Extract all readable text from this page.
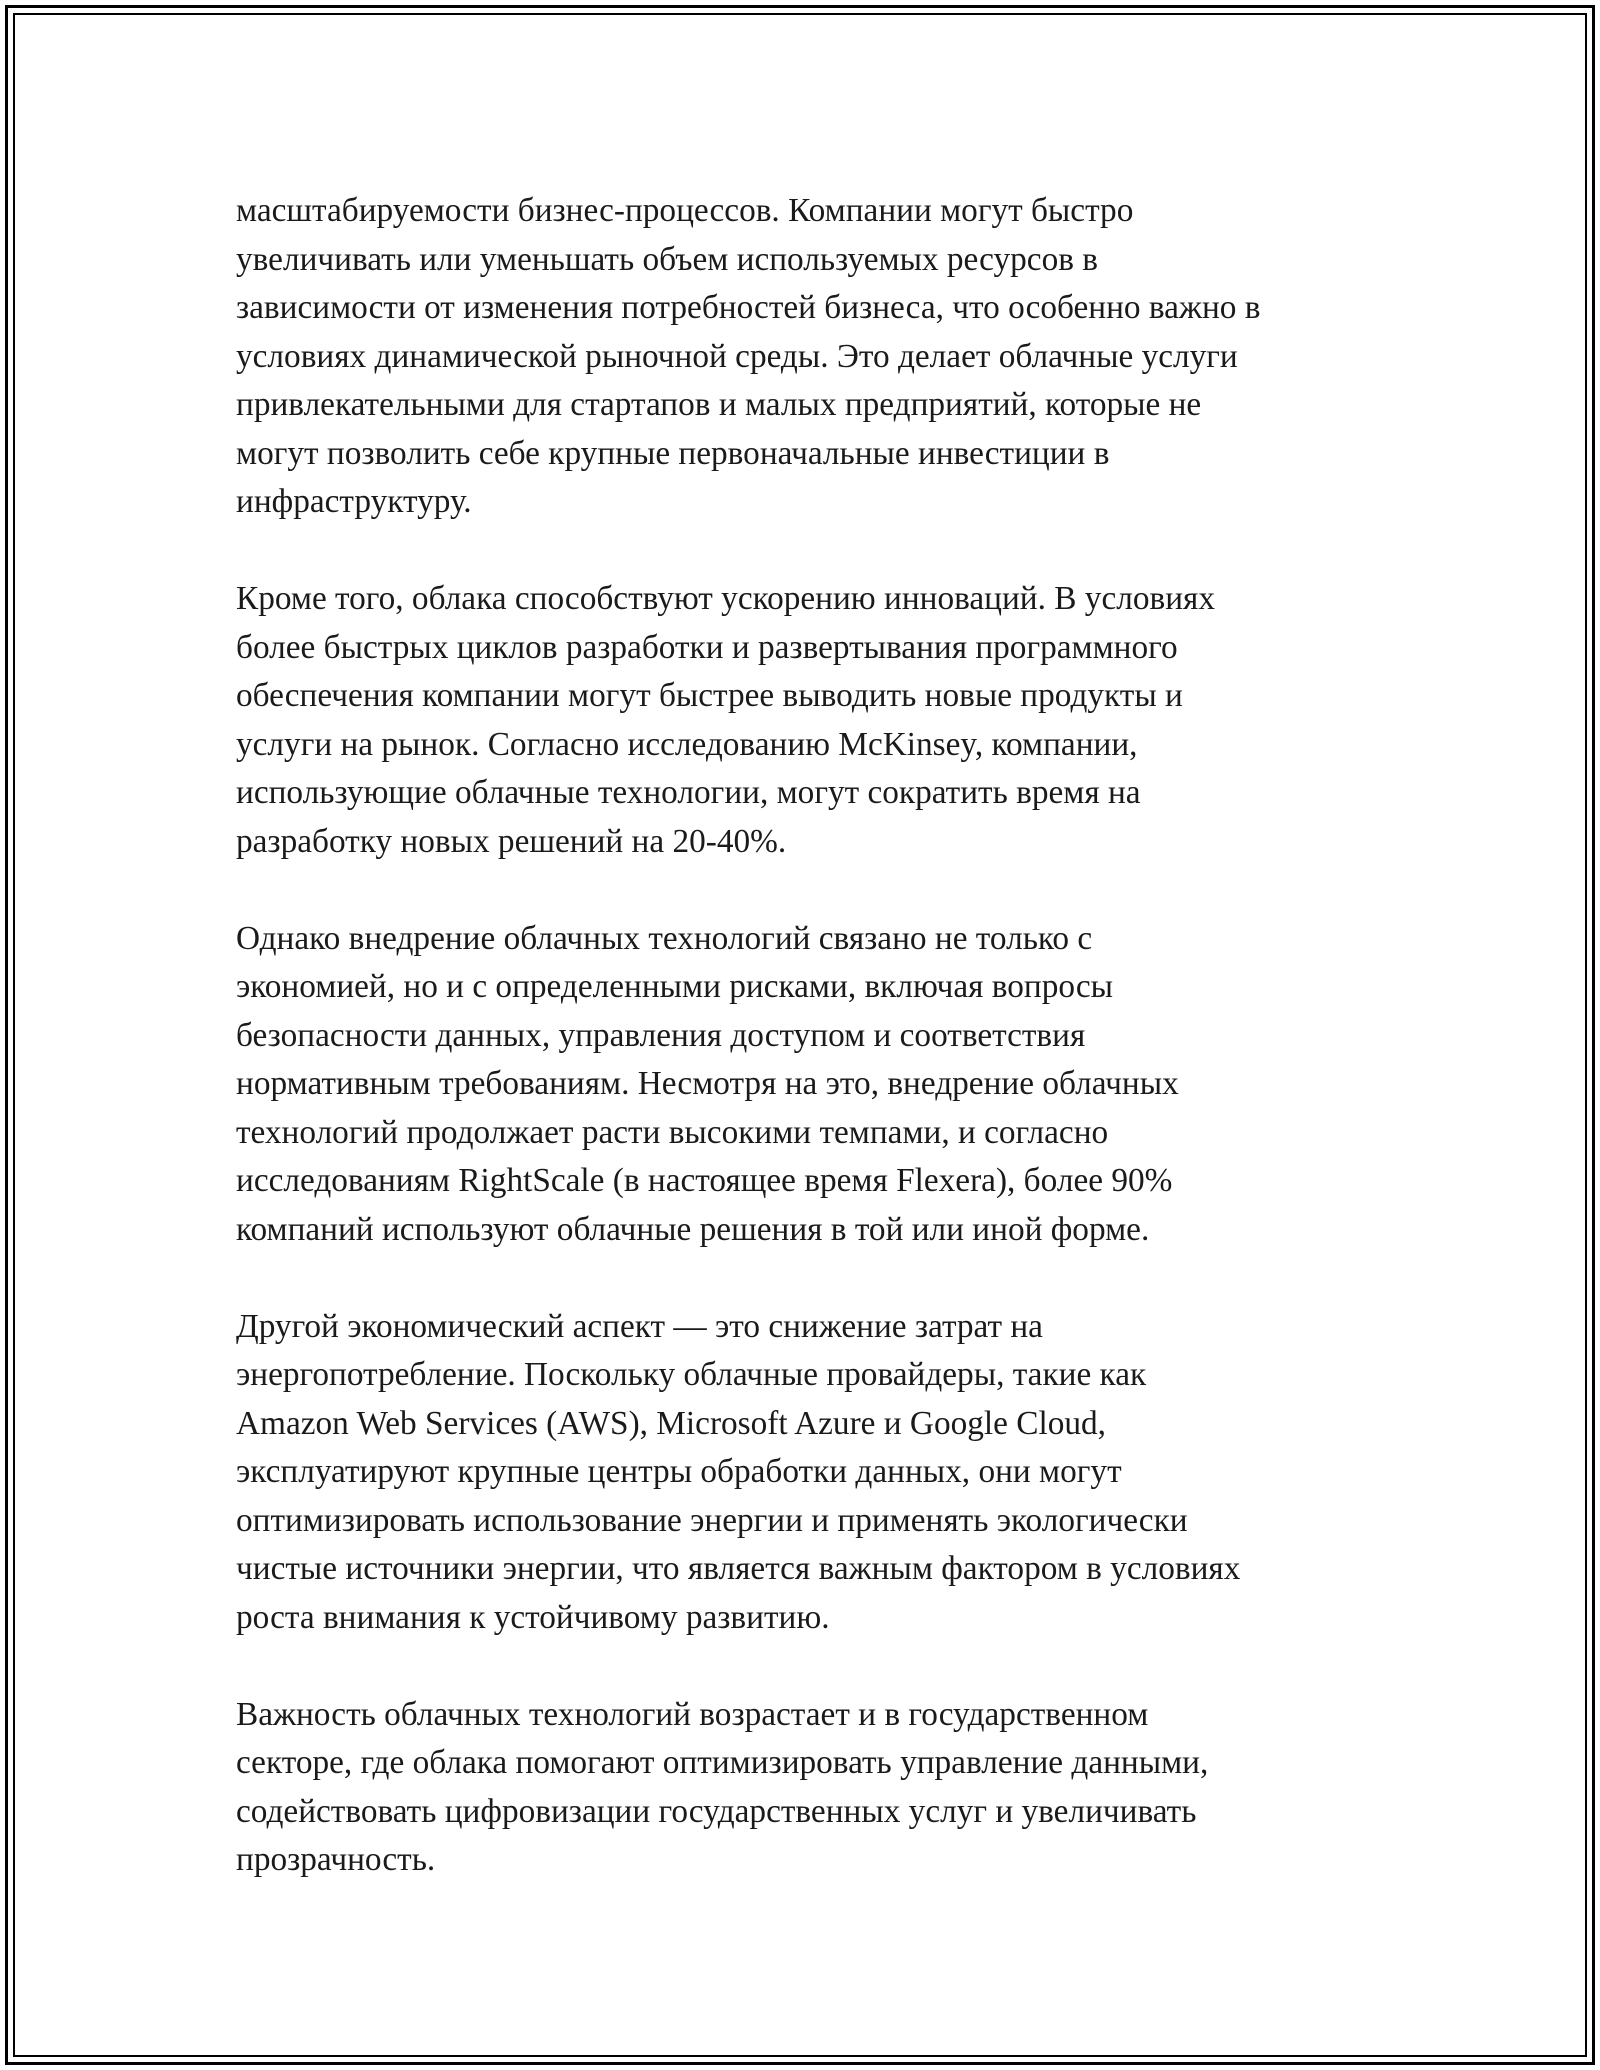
масштабируемости бизнес-процессов. Компании могут быстро
увеличивать или уменьшать объем используемых ресурсов в
зависимости от изменения потребностей бизнеса, что особенно важно в
условиях динамической рыночной среды. Это делает облачные услуги
привлекательными для стартапов и малых предприятий, которые не
могут позволить себе крупные первоначальные инвестиции в
инфраструктуру.

Кроме того, облака способствуют ускорению инноваций. В условиях
более быстрых циклов разработки и развертывания программного
обеспечения компании могут быстрее выводить новые продукты и
услуги на рынок. Согласно исследованию McKinsey, компании,
использующие облачные технологии, могут сократить время на
разработку новых решений на 20-40%.

Однако внедрение облачных технологий связано не только с
экономией, но и с определенными рисками, включая вопросы
безопасности данных, управления доступом и соответствия
нормативным требованиям. Несмотря на это, внедрение облачных
технологий продолжает расти высокими темпами, и согласно
исследованиям RightScale (в настоящее время Flexera), более 90%
компаний используют облачные решения в той или иной форме.

Другой экономический аспект — это снижение затрат на
энергопотребление. Поскольку облачные провайдеры, такие как
Amazon Web Services (AWS), Microsoft Azure и Google Cloud,
эксплуатируют крупные центры обработки данных, они могут
оптимизировать использование энергии и применять экологически
чистые источники энергии, что является важным фактором в условиях
роста внимания к устойчивому развитию.

Важность облачных технологий возрастает и в государственном
секторе, где облака помогают оптимизировать управление данными,
содействовать цифровизации государственных услуг и увеличивать
прозрачность.
